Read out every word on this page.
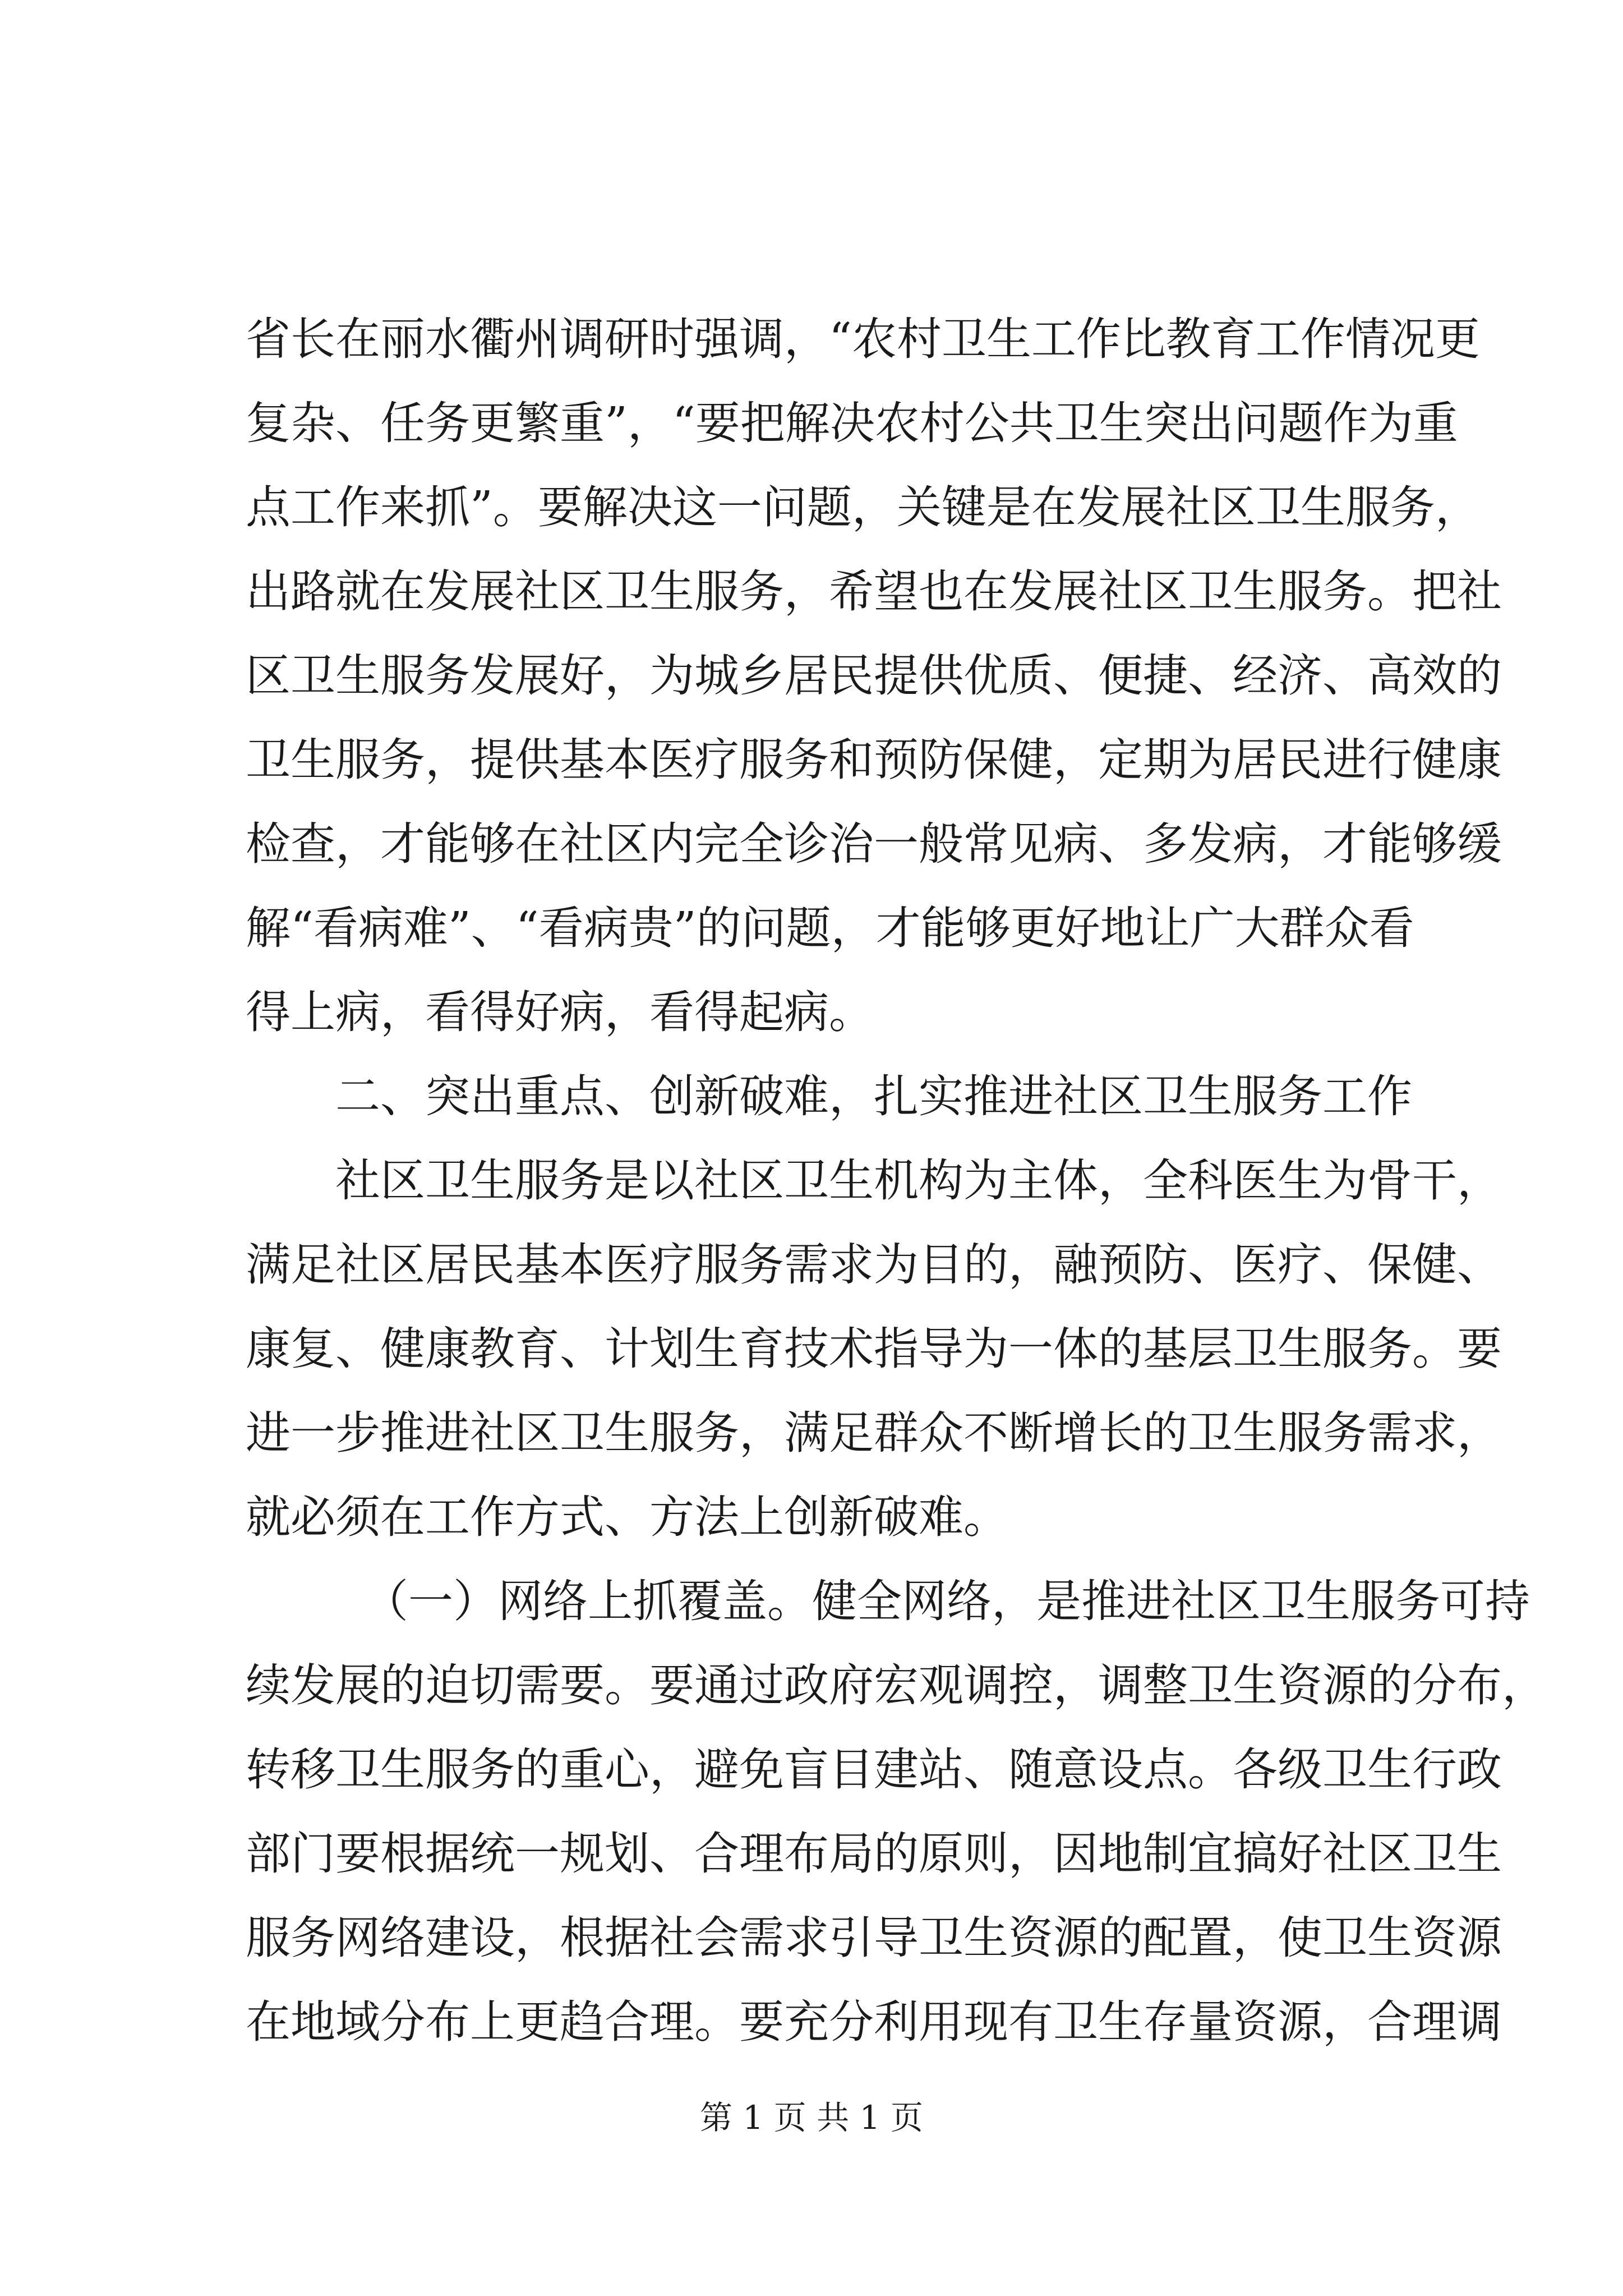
省长在丽水衢州调研时强调，“农村卫生工作比教育工作情况更
复杂、任务更繁重”，“要把解决农村公共卫生突出问题作为重
点工作来抓”。要解决这一问题，关键是在发展社区卫生服务，
出路就在发展社区卫生服务，希望也在发展社区卫生服务。把社
区卫生服务发展好，为城乡居民提供优质、便捷、经济、高效的
卫生服务，提供基本医疗服务和预防保健，定期为居民进行健康
检查，才能够在社区内完全诊治一般常见病、多发病，才能够缓
解“看病难”、“看病贵”的问题，才能够更好地让广大群众看
得上病，看得好病，看得起病。
二、突出重点、创新破难，扎实推进社区卫生服务工作
社区卫生服务是以社区卫生机构为主体，全科医生为骨干，
满足社区居民基本医疗服务需求为目的，融预防、医疗、保健、
康复、健康教育、计划生育技术指导为一体的基层卫生服务。要
进一步推进社区卫生服务，满足群众不断增长的卫生服务需求，
就必须在工作方式、方法上创新破难。
（一）网络上抓覆盖。健全网络，是推进社区卫生服务可持
续发展的迫切需要。要通过政府宏观调控，调整卫生资源的分布，
转移卫生服务的重心，避免盲目建站、随意设点。各级卫生行政
部门要根据统一规划、合理布局的原则，因地制宜搞好社区卫生
服务网络建设，根据社会需求引导卫生资源的配置，使卫生资源
在地域分布上更趋合理。要充分利用现有卫生存量资源，合理调
第 1 页 共 1 页
